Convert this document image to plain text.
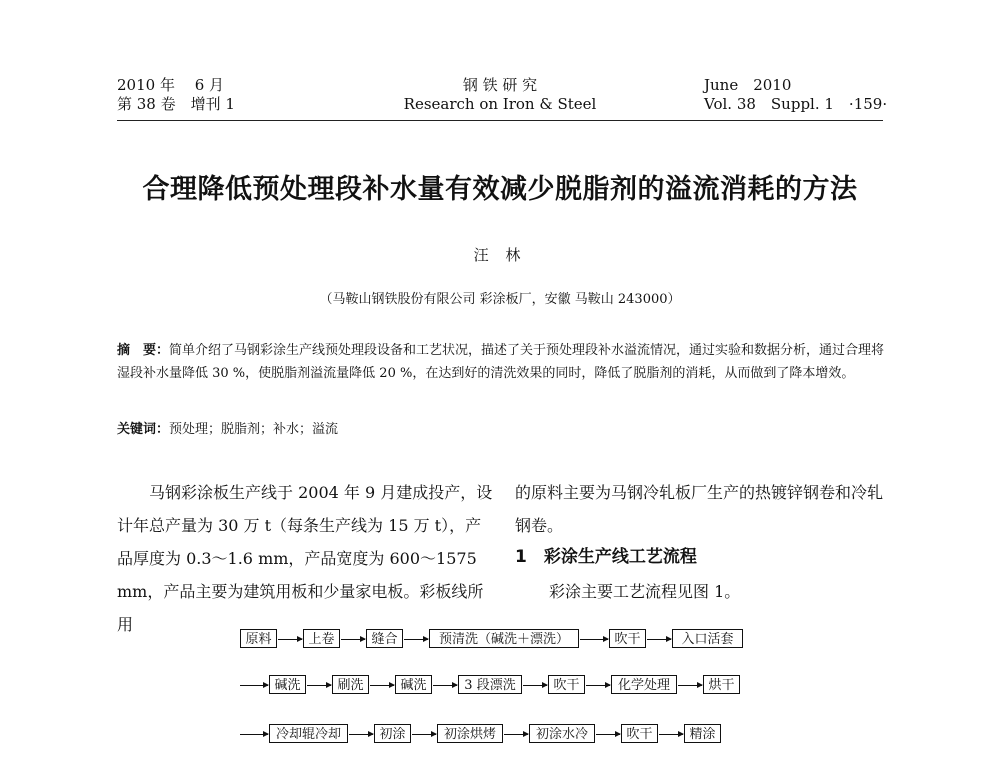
2010 年　 6 月
第 38 卷　增刊 1
钢 铁 研 究
Research on Iron & Steel
June　2010
Vol. 38　Suppl. 1　·159·
合理降低预处理段补水量有效减少脱脂剂的溢流消耗的方法
汪 林
（马鞍山钢铁股份有限公司 彩涂板厂，安徽 马鞍山 243000）
摘　要：简单介绍了马钢彩涂生产线预处理段设备和工艺状况，描述了关于预处理段补水溢流情况，通过实验和数据分析，通过合理将湿段补水量降低 30 %，使脱脂剂溢流量降低 20 %，在达到好的清洗效果的同时，降低了脱脂剂的消耗，从而做到了降本增效。
关键词：预处理；脱脂剂；补水；溢流
　　马钢彩涂板生产线于 2004 年 9 月建成投产，设计年总产量为 30 万 t（每条生产线为 15 万 t），产品厚度为 0.3～1.6 mm，产品宽度为 600～1575 mm，产品主要为建筑用板和少量家电板。彩板线所用
的原料主要为马钢冷轧板厂生产的热镀锌钢卷和冷轧钢卷。
1　彩涂生产线工艺流程
彩涂主要工艺流程见图 1。
原料	上卷	缝合	预清洗（碱洗＋漂洗）	吹干	入口活套
碱洗	刷洗	碱洗	3 段漂洗	吹干	化学处理	烘干
冷却辊冷却	初涂	初涂烘烤	初涂水冷	吹干	精涂
